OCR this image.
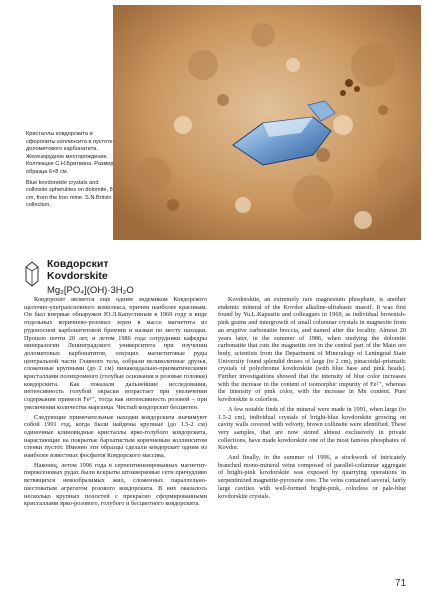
Кристаллы ковдорскита и сферолиты коллинсита в пустоте доломитового карбонатита. Железорудное месторождение. Коллекция С.Н.Бритвина. Размер образца 6×8 см.
Blue kovdorskite crystals and collinsite spherulites on dolomite, 8 cm, from the Iron mine. S.N.Britvin collection.
Ковдорскит
Kovdorskite
Mg₂[PO₄](OH)·3H₂O

Ковдорскит является еще одним эндемиком Ковдорского щелочно-ультраосновного комплекса, причем наиболее красивым. Он был впервые обнаружен Ю.Л.Капустиным в 1969 году в виде отдельных коричнево-розовых зерен в массе магнетита из рудоносной карбонатитовой брекчии и назван по месту находки. Прошло почти 20 лет, и летом 1986 года сотрудники кафедры минералогии Ленинградского университета при изучении доломитовых карбонатитов, секущих магнетитовые руды центральной части Главного тела, собрали великолепные друзья, сложенные крупными (до 2 см) пинакоидально-призматическими кристаллами полихромного (голубые основания и розовые головки) ковдорскита. Как показали дальнейшие исследования, интенсивность голубой окраски возрастает при увеличении содержания примеси Fe²⁺, тогда как интенсивность розовой – при увеличении количества марганца. Чистый ковдорскит бесцветен.

Следующие примечательные находки ковдорскита значимуют собой 1991 год, когда были найдены крупные (до 1.5-2 см) одиночные клиновидные кристаллы ярко-голубого ковдорскита, нарастающие на покрытые бархатистым коричневым коллинситом стенки пустот. Именно эти образцы сделали ковдорскит одним из наиболее известных фосфатов Ковдорского массива.

Наконец, летом 1996 года в серпентинизированных магнетит-пироксеновых рудах были вскрыты штокверковые сети причудливо ветвящихся невообразимых жил, сложенных параллельно-шестоватым агрегатом розового ковдорскита. В них оказалось несколько крупных полостей с прекрасно сформированными кристаллами ярко-розового, голубого и бесцветного ковдорскита.

Kovdorskite, an extremely rare magnesium phosphate, is another endemic mineral of the Kovdor alkaline-ultrabasic massif. It was first found by Yu.L.Kapustin and colleagues in 1969, as individual brownish-pink grains and intergrowth of small columnar crystals in magnesite from an eruptive carbonatite breccia, and named after the locality. Almost 20 years later, in the summer of 1986, when studying the dolomite carbonatite that cuts the magnetite ore in the central part of the Main ore body, scientists from the Department of Mineralogy of Leningrad State University found splendid druses of large (to 2 cm), pinacoidal-prismatic crystals of polychrome kovdorskite (with blue base and pink heads). Further investigations showed that the intensity of blue color increases with the increase in the content of isomorphic impurity of Fe²⁺, whereas the intensity of pink color, with the increase in Mn content. Pure kovdorskite is colorless.

A few notable finds of the mineral were made in 1991, when large (to 1.5-2 cm), individual crystals of bright-blue kovdorskite growing on cavity walls covered with velvety, brown collinsite were identified. These very samples, that are now stored almost exclusively in private collections, have made kovdorskite one of the most famous phosphates of Kovdor.

And finally, in the summer of 1996, a stockwork of intricately branched mono-mineral veins composed of parallel-columnar aggregate of bright-pink kovdorskite was exposed by quarrying operations in serpentinized magnetite-pyroxene ores. The veins contained several, fairly large cavities with well-formed bright-pink, colorless or pale-blue kovdorskite crystals.

71
